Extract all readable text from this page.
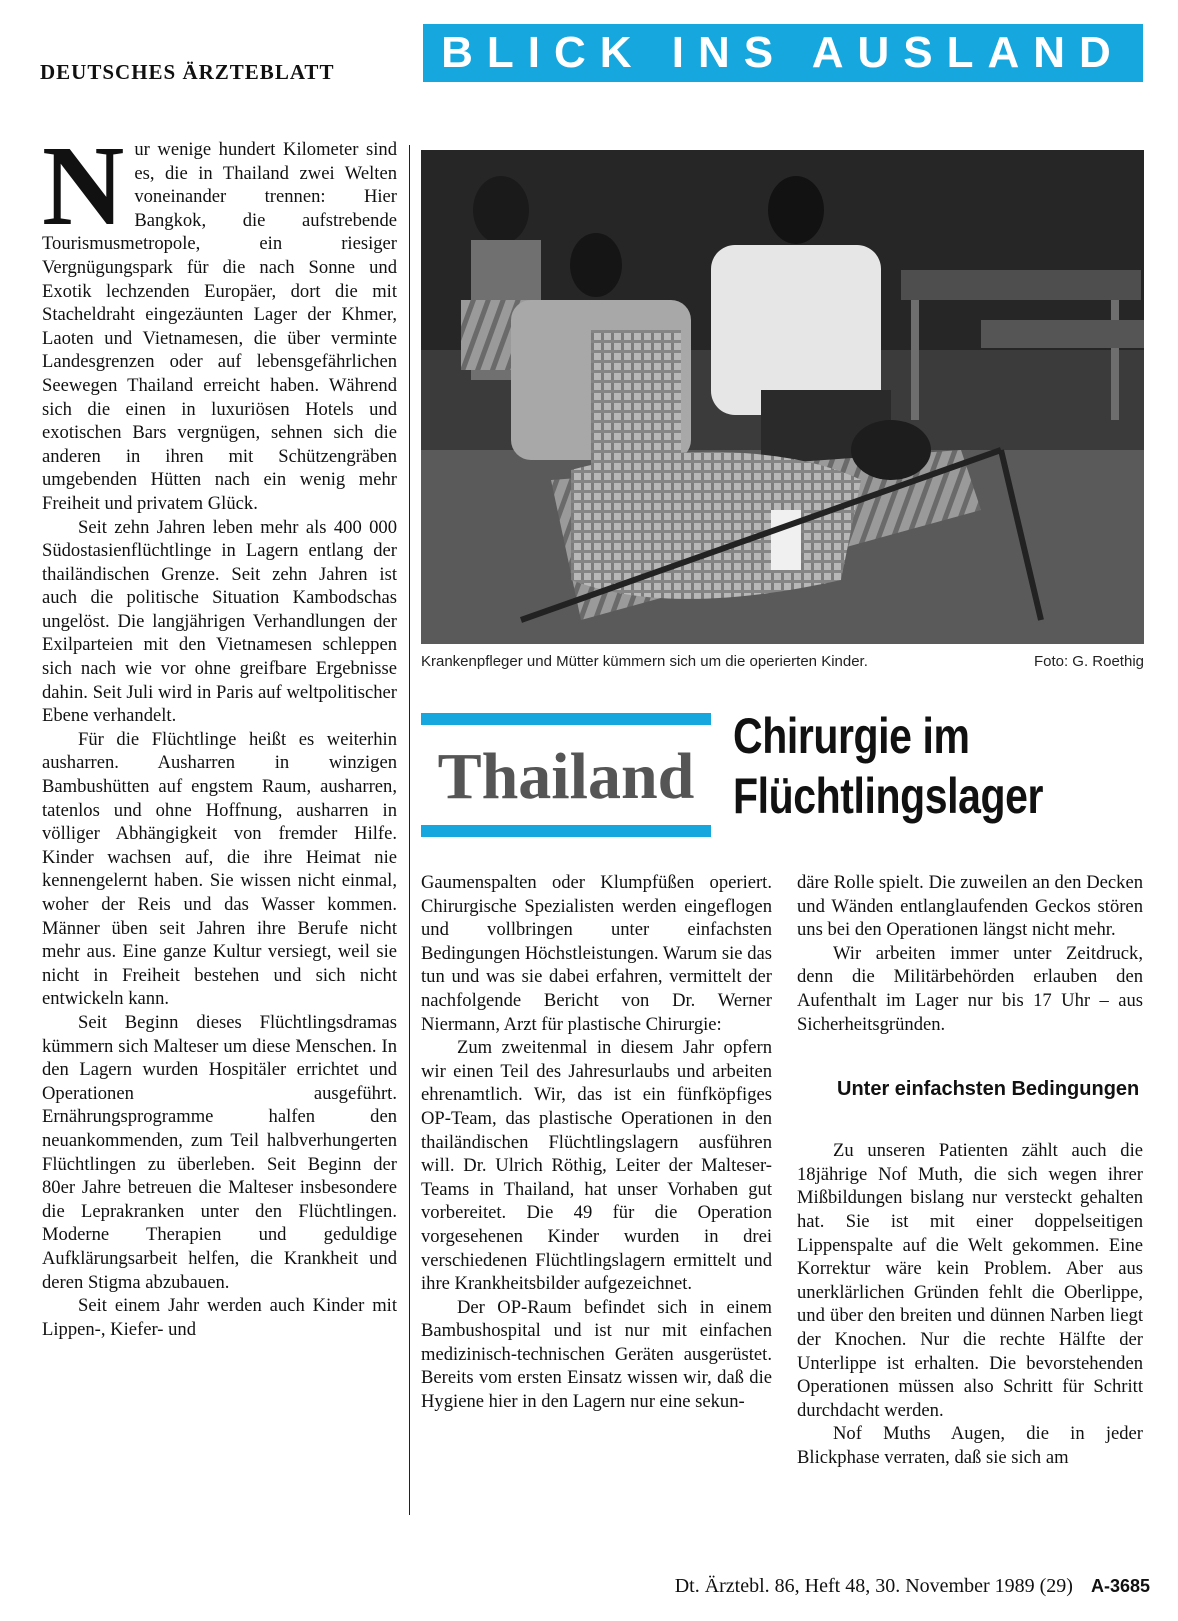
DEUTSCHES ÄRZTEBLATT	BLICK INS AUSLAND

Nur wenige hundert Kilometer sind es, die in Thailand zwei Welten voneinander trennen: Hier Bangkok, die aufstrebende Tourismusmetropole, ein riesiger Vergnügungspark für die nach Sonne und Exotik lechzenden Europäer, dort die mit Stacheldraht eingezäunten Lager der Khmer, Laoten und Vietnamesen, die über verminte Landesgrenzen oder auf lebensgefährlichen Seewegen Thailand erreicht haben. Während sich die einen in luxuriösen Hotels und exotischen Bars vergnügen, sehnen sich die anderen in ihren mit Schützengräben umgebenden Hütten nach ein wenig mehr Freiheit und privatem Glück.

Seit zehn Jahren leben mehr als 400 000 Südostasienflüchtlinge in Lagern entlang der thailändischen Grenze. Seit zehn Jahren ist auch die politische Situation Kambodschas ungelöst. Die langjährigen Verhandlungen der Exilparteien mit den Vietnamesen schleppen sich nach wie vor ohne greifbare Ergebnisse dahin. Seit Juli wird in Paris auf weltpolitischer Ebene verhandelt.

Für die Flüchtlinge heißt es weiterhin ausharren. Ausharren in winzigen Bambushütten auf engstem Raum, ausharren, tatenlos und ohne Hoffnung, ausharren in völliger Abhängigkeit von fremder Hilfe. Kinder wachsen auf, die ihre Heimat nie kennengelernt haben. Sie wissen nicht einmal, woher der Reis und das Wasser kommen. Männer üben seit Jahren ihre Berufe nicht mehr aus. Eine ganze Kultur versiegt, weil sie nicht in Freiheit bestehen und sich nicht entwickeln kann.

Seit Beginn dieses Flüchtlingsdramas kümmern sich Malteser um diese Menschen. In den Lagern wurden Hospitäler errichtet und Operationen ausgeführt. Ernährungsprogramme halfen den neuankommenden, zum Teil halbverhungerten Flüchtlingen zu überleben. Seit Beginn der 80er Jahre betreuen die Malteser insbesondere die Leprakranken unter den Flüchtlingen. Moderne Therapien und geduldige Aufklärungsarbeit helfen, die Krankheit und deren Stigma abzubauen.

Seit einem Jahr werden auch Kinder mit Lippen-, Kiefer- und

Krankenpfleger und Mütter kümmern sich um die operierten Kinder.	Foto: G. Roethig
Thailand
Chirurgie im
Flüchtlingslager

Gaumenspalten oder Klumpfüßen operiert. Chirurgische Spezialisten werden eingeflogen und vollbringen unter einfachsten Bedingungen Höchstleistungen. Warum sie das tun und was sie dabei erfahren, vermittelt der nachfolgende Bericht von Dr. Werner Niermann, Arzt für plastische Chirurgie:

Zum zweitenmal in diesem Jahr opfern wir einen Teil des Jahresurlaubs und arbeiten ehrenamtlich. Wir, das ist ein fünfköpfiges OP-Team, das plastische Operationen in den thailändischen Flüchtlingslagern ausführen will. Dr. Ulrich Röthig, Leiter der Malteser-Teams in Thailand, hat unser Vorhaben gut vorbereitet. Die 49 für die Operation vorgesehenen Kinder wurden in drei verschiedenen Flüchtlingslagern ermittelt und ihre Krankheitsbilder aufgezeichnet.

Der OP-Raum befindet sich in einem Bambushospital und ist nur mit einfachen medizinisch-technischen Geräten ausgerüstet. Bereits vom ersten Einsatz wissen wir, daß die Hygiene hier in den Lagern nur eine sekun-

däre Rolle spielt. Die zuweilen an den Decken und Wänden entlanglaufenden Geckos stören uns bei den Operationen längst nicht mehr.

Wir arbeiten immer unter Zeitdruck, denn die Militärbehörden erlauben den Aufenthalt im Lager nur bis 17 Uhr – aus Sicherheitsgründen.

Unter einfachsten Bedingungen

Zu unseren Patienten zählt auch die 18jährige Nof Muth, die sich wegen ihrer Mißbildungen bislang nur versteckt gehalten hat. Sie ist mit einer doppelseitigen Lippenspalte auf die Welt gekommen. Eine Korrektur wäre kein Problem. Aber aus unerklärlichen Gründen fehlt die Oberlippe, und über den breiten und dünnen Narben liegt der Knochen. Nur die rechte Hälfte der Unterlippe ist erhalten. Die bevorstehenden Operationen müssen also Schritt für Schritt durchdacht werden.

Nof Muths Augen, die in jeder Blickphase verraten, daß sie sich am

Dt. Ärztebl. 86, Heft 48, 30. November 1989 (29) A-3685
